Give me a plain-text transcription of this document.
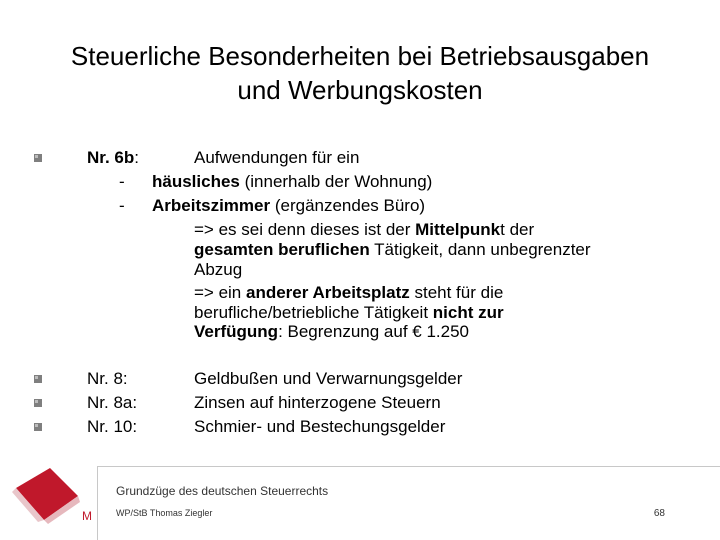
Steuerliche Besonderheiten bei Betriebsausgaben
und Werbungskosten
Nr. 6b:	Aufwendungen für ein
- häusliches (innerhalb der Wohnung)
- Arbeitszimmer (ergänzendes Büro)
=> es sei denn dieses ist der Mittelpunkt der
gesamten beruflichen Tätigkeit, dann unbegrenzter
Abzug
=> ein anderer Arbeitsplatz steht für die
berufliche/betriebliche Tätigkeit nicht zur
Verfügung: Begrenzung auf € 1.250
Nr. 8:	Geldbußen und Verwarnungsgelder
Nr. 8a:	Zinsen auf hinterzogene Steuern
Nr. 10:	Schmier- und Bestechungsgelder
M
Grundzüge des deutschen Steuerrechts
WP/StB Thomas Ziegler	68
